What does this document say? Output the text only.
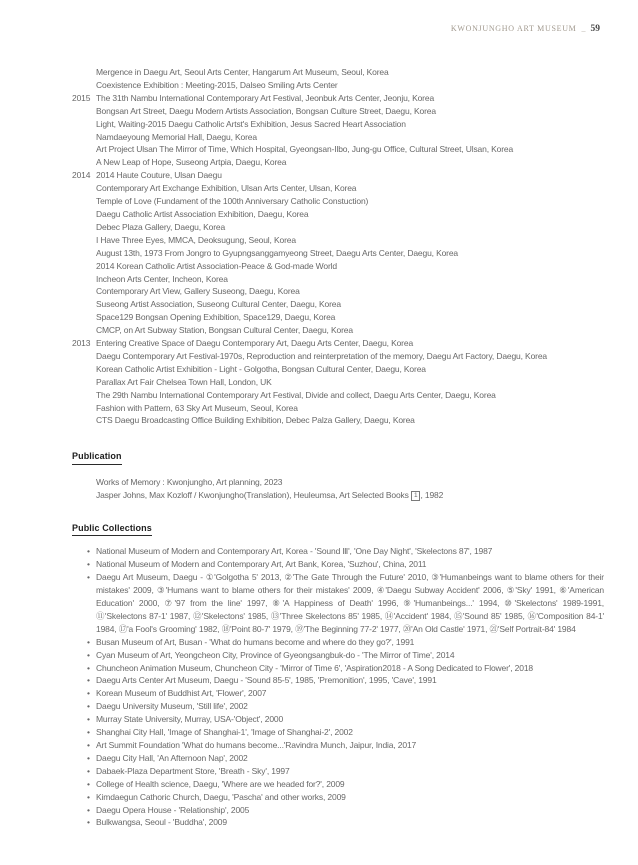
KWONJUNGHO ART MUSEUM _ 59
Mergence in Daegu Art, Seoul Arts Center, Hangarum Art Museum, Seoul, Korea
Coexistence Exhibition : Meeting-2015, Dalseo Smiling Arts Center
2015 The 31th Nambu International Contemporary Art Festival, Jeonbuk Arts Center, Jeonju, Korea
Bongsan Art Street, Daegu Modern Artists Association, Bongsan Culture Street, Daegu, Korea
Light, Waiting-2015 Daegu Catholic Artst's Exhibition, Jesus Sacred Heart Association
Namdaeyoung Memorial Hall, Daegu, Korea
Art Project Ulsan The Mirror of Time, Which Hospital, Gyeongsan-Ilbo, Jung-gu Office, Cultural Street, Ulsan, Korea
A New Leap of Hope, Suseong Artpia, Daegu, Korea
2014 2014 Haute Couture, Ulsan Daegu
Contemporary Art Exchange Exhibition, Ulsan Arts Center, Ulsan, Korea
Temple of Love (Fundament of the 100th Anniversary Catholic Constuction)
Daegu Catholic Artist Association Exhibition, Daegu, Korea
Debec Plaza Gallery, Daegu, Korea
I Have Three Eyes, MMCA, Deoksugung, Seoul, Korea
August 13th, 1973 From Jongro to Gyupngsanggamyeong Street, Daegu Arts Center, Daegu, Korea
2014 Korean Catholic Artist Association-Peace & God-made World
Incheon Arts Center, Incheon, Korea
Contemporary Art View, Gallery Suseong, Daegu, Korea
Suseong Artist Association, Suseong Cultural Center, Daegu, Korea
Space129 Bongsan Opening Exhibition, Space129, Daegu, Korea
CMCP, on Art Subway Station, Bongsan Cultural Center, Daegu, Korea
2013 Entering Creative Space of Daegu Contemporary Art, Daegu Arts Center, Daegu, Korea
Daegu Contemporary Art Festival-1970s, Reproduction and reinterpretation of the memory, Daegu Art Factory, Daegu, Korea
Korean Catholic Artist Exhibition - Light - Golgotha, Bongsan Cultural Center, Daegu, Korea
Parallax Art Fair Chelsea Town Hall, London, UK
The 29th Nambu International Contemporary Art Festival, Divide and collect, Daegu Arts Center, Daegu, Korea
Fashion with Pattern, 63 Sky Art Museum, Seoul, Korea
CTS Daegu Broadcasting Office Building Exhibition, Debec Palza Gallery, Daegu, Korea
Publication
Works of Memory : Kwonjungho, Art planning, 2023
Jasper Johns, Max Kozloff / Kwonjungho(Translation), Heuleumsa, Art Selected Books 1 , 1982
Public Collections
• National Museum of Modern and Contemporary Art, Korea - 'Sound Ⅲ', 'One Day Night', 'Skelectons 87', 1987
• National Museum of Modern and Contemporary Art, Art Bank, Korea, 'Suzhou', China, 2011
• Daegu Art Museum, Daegu - ①'Golgotha 5' 2013, ②'The Gate Through the Future' 2010, ③'Humanbeings want to blame others for their mistakes' 2009, ③'Humans want to blame others for their mistakes' 2009, ④'Daegu Subway Accident' 2006, ⑤'Sky' 1991, ⑥'American Education' 2000, ⑦'97 from the line' 1997, ⑧'A Happiness of Death' 1996, ⑨'Humanbeings...' 1994, ⑩'Skelectons' 1989-1991, ⑪'Skelectons 87-1' 1987, ⑫'Skelectons' 1985, ⑬'Three Skelectons 85' 1985, ⑭'Accident' 1984, ⑮'Sound 85' 1985, ⑯'Composition 84-1' 1984, ⑰'a Fool's Grooming' 1982, ⑱'Point 80-7' 1979, ⑲'The Beginning 77-2' 1977, ⑳'An Old Castle' 1971, ㉑'Self Portrait-84' 1984
• Busan Museum of Art, Busan - 'What do humans become and where do they go?', 1991
• Cyan Museum of Art, Yeongcheon City, Province of Gyeongsangbuk-do - 'The Mirror of Time', 2014
• Chuncheon Animation Museum, Chuncheon City - 'Mirror of Time 6', 'Aspiration2018 - A Song Dedicated to Flower', 2018
• Daegu Arts Center Art Museum, Daegu - 'Sound 85-5', 1985, 'Premonition', 1995, 'Cave', 1991
• Korean Museum of Buddhist Art, 'Flower', 2007
• Daegu University Museum, 'Still life', 2002
• Murray State University, Murray, USA-'Object', 2000
• Shanghai City Hall, 'Image of Shanghai-1', 'Image of Shanghai-2', 2002
• Art Summit Foundation 'What do humans become...'Ravindra Munch, Jaipur, India, 2017
• Daegu City Hall, 'An Afternoon Nap', 2002
• Dabaek-Plaza Department Store, 'Breath - Sky', 1997
• College of Health science, Daegu, 'Where are we headed for?', 2009
• Kimdaegun Cathoric Church, Daegu, 'Pascha' and other works, 2009
• Daegu Opera House - 'Relationship', 2005
• Bulkwangsa, Seoul - 'Buddha', 2009
